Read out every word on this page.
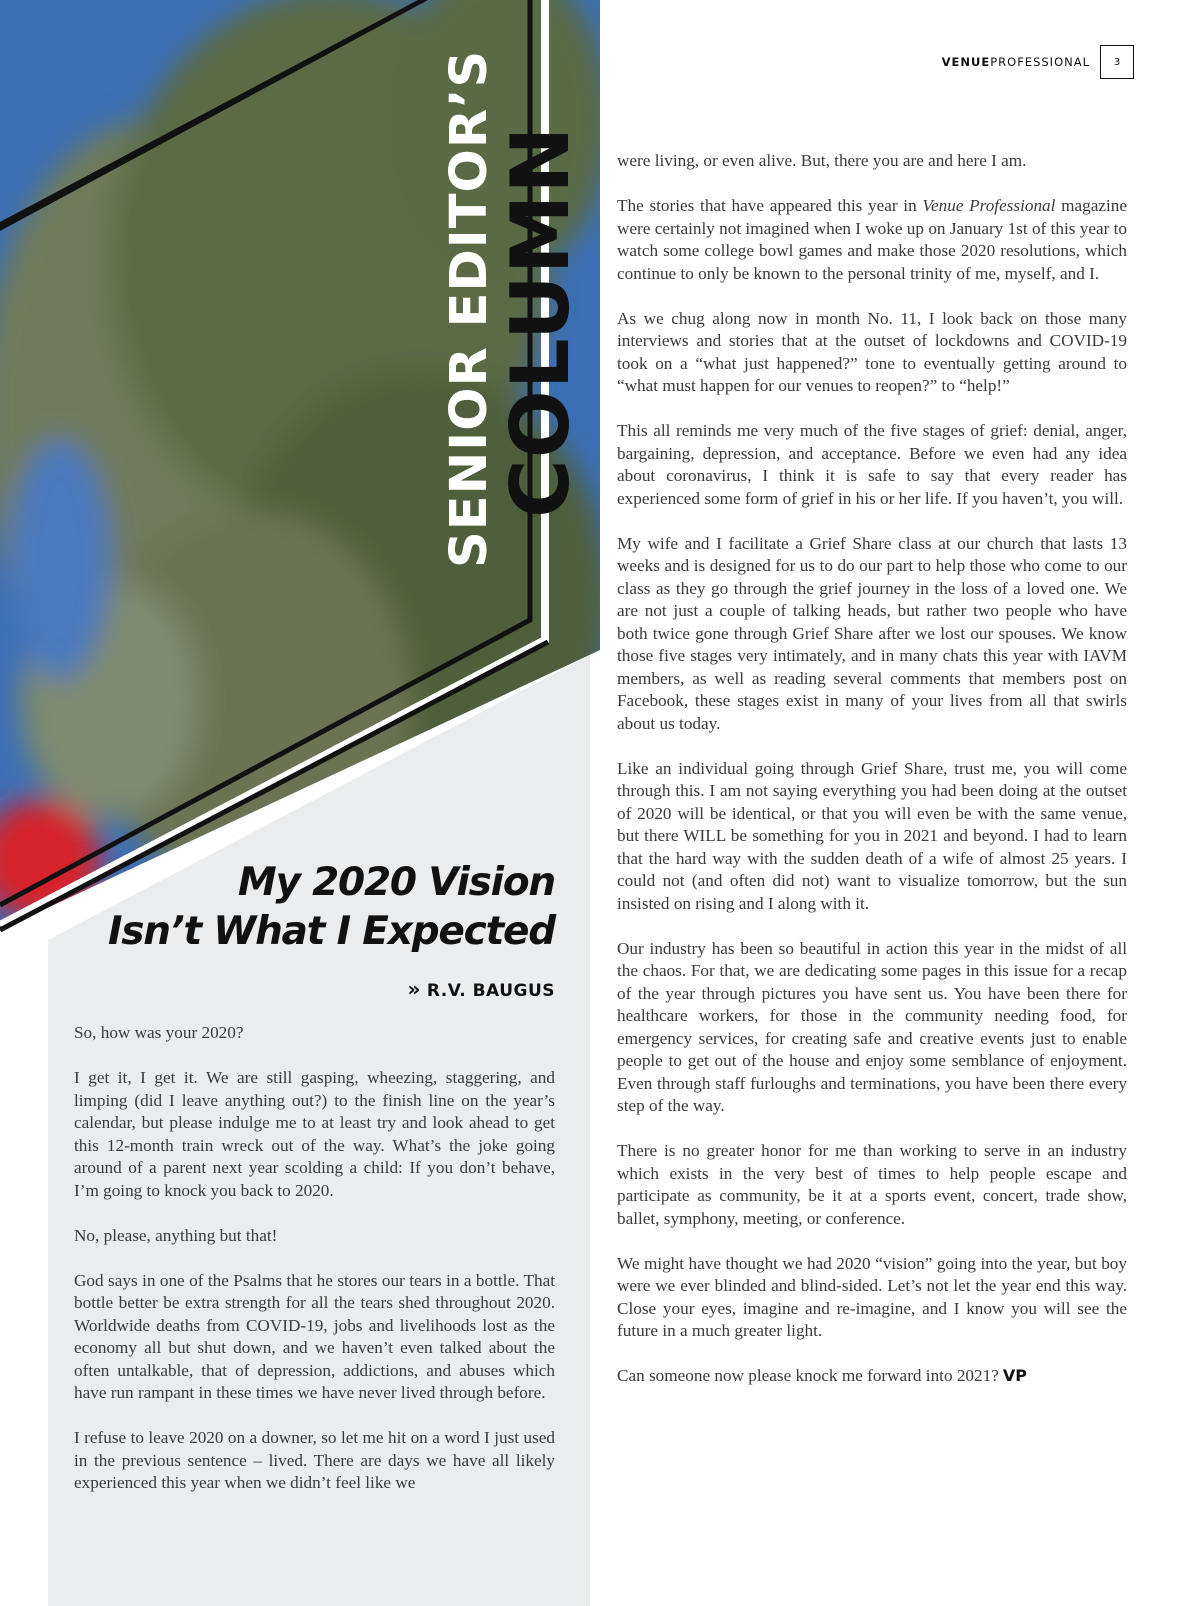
SENIOR EDITOR’S
COLUMN
VENUEPROFESSIONAL	3
My 2020 Vision
Isn’t What I Expected
» R.V. BAUGUS

So, how was your 2020?

I get it, I get it. We are still gasping, wheezing, staggering, and limping (did I leave anything out?) to the finish line on the year’s calendar, but please indulge me to at least try and look ahead to get this 12-month train wreck out of the way. What’s the joke going around of a parent next year scolding a child: If you don’t behave, I’m going to knock you back to 2020.

No, please, anything but that!

God says in one of the Psalms that he stores our tears in a bottle. That bottle better be extra strength for all the tears shed throughout 2020. Worldwide deaths from COVID-19, jobs and livelihoods lost as the economy all but shut down, and we haven’t even talked about the often untalkable, that of depression, addictions, and abuses which have run rampant in these times we have never lived through before.

I refuse to leave 2020 on a downer, so let me hit on a word I just used in the previous sentence – lived. There are days we have all likely experienced this year when we didn’t feel like we

were living, or even alive. But, there you are and here I am.

The stories that have appeared this year in Venue Professional magazine were certainly not imagined when I woke up on January 1st of this year to watch some college bowl games and make those 2020 resolutions, which continue to only be known to the personal trinity of me, myself, and I.

As we chug along now in month No. 11, I look back on those many interviews and stories that at the outset of lockdowns and COVID-19 took on a “what just happened?” tone to eventually getting around to “what must happen for our venues to reopen?” to “help!”

This all reminds me very much of the five stages of grief: denial, anger, bargaining, depression, and acceptance. Before we even had any idea about coronavirus, I think it is safe to say that every reader has experienced some form of grief in his or her life. If you haven’t, you will.

My wife and I facilitate a Grief Share class at our church that lasts 13 weeks and is designed for us to do our part to help those who come to our class as they go through the grief journey in the loss of a loved one. We are not just a couple of talking heads, but rather two people who have both twice gone through Grief Share after we lost our spouses. We know those five stages very intimately, and in many chats this year with IAVM members, as well as reading several comments that members post on Facebook, these stages exist in many of your lives from all that swirls about us today.

Like an individual going through Grief Share, trust me, you will come through this. I am not saying everything you had been doing at the outset of 2020 will be identical, or that you will even be with the same venue, but there WILL be something for you in 2021 and beyond. I had to learn that the hard way with the sudden death of a wife of almost 25 years. I could not (and often did not) want to visualize tomorrow, but the sun insisted on rising and I along with it.

Our industry has been so beautiful in action this year in the midst of all the chaos. For that, we are dedicating some pages in this issue for a recap of the year through pictures you have sent us. You have been there for healthcare workers, for those in the community needing food, for emergency services, for creating safe and creative events just to enable people to get out of the house and enjoy some semblance of enjoyment. Even through staff furloughs and terminations, you have been there every step of the way.

There is no greater honor for me than working to serve in an industry which exists in the very best of times to help people escape and participate as community, be it at a sports event, concert, trade show, ballet, symphony, meeting, or conference.

We might have thought we had 2020 “vision” going into the year, but boy were we ever blinded and blind-sided. Let’s not let the year end this way. Close your eyes, imagine and re-imagine, and I know you will see the future in a much greater light.

Can someone now please knock me forward into 2021? VP
